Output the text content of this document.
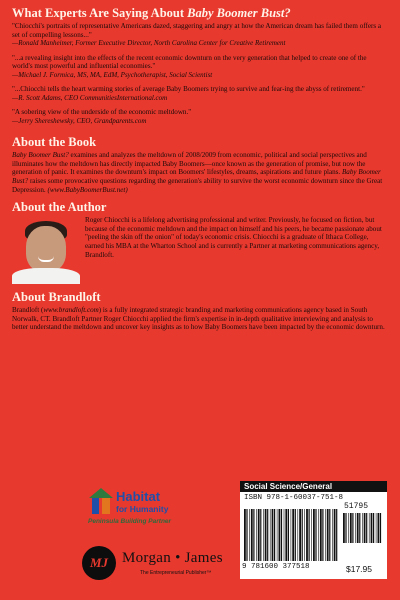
What Experts Are Saying About Baby Boomer Bust?
"Chiocchi's portraits of representative Americans dazed, staggering and angry at how the American dream has failed them offers a set of compelling lessons..."
—Ronald Manheimer, Former Executive Director, North Carolina Center for Creative Retirement
"...a revealing insight into the effects of the recent economic downturn on the very generation that helped to create one of the world's most powerful and influential economies."
—Michael J. Formica, MS, MA, EdM, Psychotherapist, Social Scientist
"...Chiocchi tells the heart warming stories of average Baby Boomers trying to survive and fear-ing the abyss of retirement."
—R. Scott Adams, CEO CommunitiesInternational.com
"A sobering view of the underside of the economic meltdown."
—Jerry Shereshewsky, CEO, Grandparents.com
About the Book
Baby Boomer Bust? examines and analyzes the meltdown of 2008/2009 from economic, political and social perspectives and illuminates how the meltdown has directly impacted Baby Boomers—once known as the generation of promise, but now the generation of panic. It examines the downturn's impact on Boomers' lifestyles, dreams, aspirations and future plans. Baby Boomer Bust? raises some provocative questions regarding the generation's ability to survive the worst economic downturn since the Great Depression. (www.BabyBoomerBust.net)
About the Author
Roger Chiocchi is a lifelong advertising professional and writer. Previously, he focused on fiction, but because of the economic meltdown and the impact on himself and his peers, he became passionate about "peeling the skin off the onion" of today's economic crisis. Chiocchi is a graduate of Ithaca College, earned his MBA at the Wharton School and is currently a Partner at marketing communications agency, Brandloft.
About Brandloft
Brandloft (www.brandloft.com) is a fully integrated strategic branding and marketing communications agency based in South Norwalk, CT. Brandloft Partner Roger Chiocchi applied the firm's expertise in in-depth qualitative interviewing and analysis to better understand the meltdown and uncover key insights as to how Baby Boomers have been impacted by the economic downturn.
Habitat
for Humanity
Peninsula Building Partner
MJ Morgan • James
The Entrepreneurial Publisher™
Social Science/General
ISBN 978-1-60037-751-8
51795
9 781600 377518	$17.95
